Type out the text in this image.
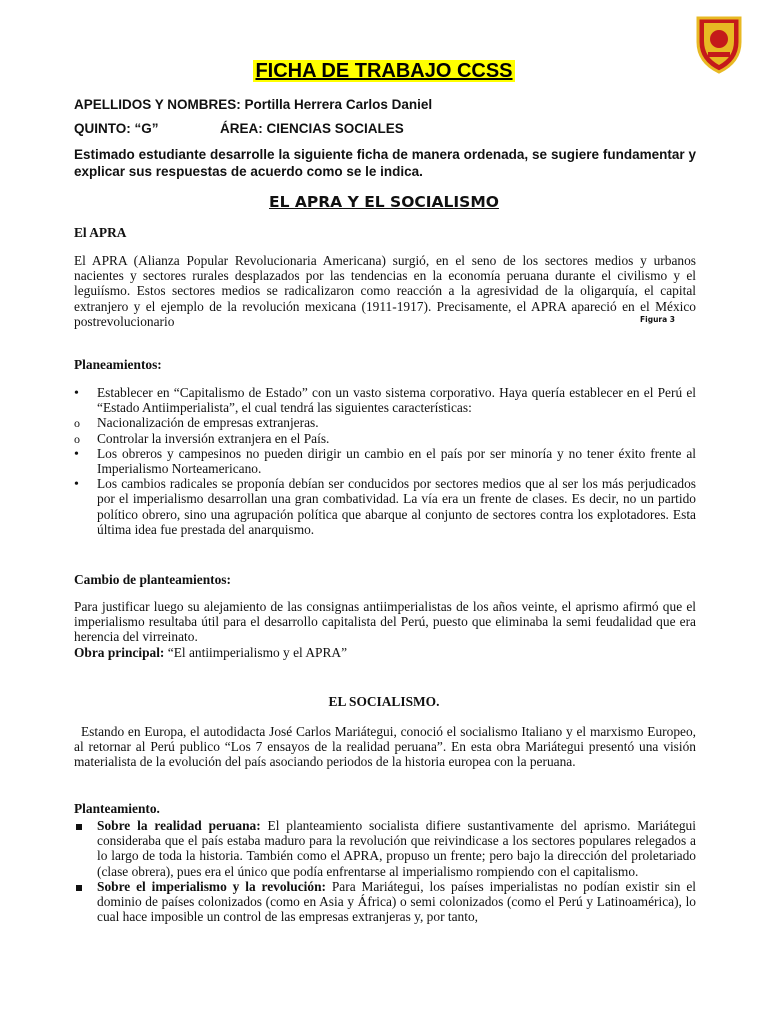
FICHA DE TRABAJO CCSS
APELLIDOS Y NOMBRES: Portilla Herrera Carlos Daniel
QUINTO: “G”	ÁREA: CIENCIAS SOCIALES
Estimado estudiante desarrolle la siguiente ficha de manera ordenada, se sugiere fundamentar y explicar sus respuestas de acuerdo como se le indica.
EL APRA Y EL SOCIALISMO
El APRA
El APRA (Alianza Popular Revolucionaria Americana) surgió, en el seno de los sectores medios y urbanos nacientes y sectores rurales desplazados por las tendencias en la economía peruana durante el civilismo y el leguiísmo. Estos sectores medios se radicalizaron como reacción a la agresividad de la oligarquía, el capital extranjero y el ejemplo de la revolución mexicana (1911-1917). Precisamente, el APRA apareció en el México postrevolucionario	Figura 3
Planeamientos:
•
Establecer en “Capitalismo de Estado” con un vasto sistema corporativo. Haya quería establecer en el Perú el “Estado Antiimperialista”, el cual tendrá las siguientes características:
o
Nacionalización de empresas extranjeras.
o
Controlar la inversión extranjera en el País.
•
Los obreros y campesinos no pueden dirigir un cambio en el país por ser minoría y no tener éxito frente al Imperialismo Norteamericano.
•
Los cambios radicales se proponía debían ser conducidos por sectores medios que al ser los más perjudicados por el imperialismo desarrollan una gran combatividad. La vía era un frente de clases. Es decir, no un partido político obrero, sino una agrupación política que abarque al conjunto de sectores contra los explotadores. Esta última idea fue prestada del anarquismo.
Cambio de planteamientos:
Para justificar luego su alejamiento de las consignas antiimperialistas de los años veinte, el aprismo afirmó que el imperialismo resultaba útil para el desarrollo capitalista del Perú, puesto que eliminaba la semi feudalidad que era herencia del virreinato.
Obra principal: “El antiimperialismo y el APRA”
EL SOCIALISMO.
Estando en Europa, el autodidacta José Carlos Mariátegui, conoció el socialismo Italiano y el marxismo Europeo, al retornar al Perú publico “Los 7 ensayos de la realidad peruana”. En esta obra Mariátegui presentó una visión materialista de la evolución del país asociando periodos de la historia europea con la peruana.
Planteamiento.
Sobre la realidad peruana: El planteamiento socialista difiere sustantivamente del aprismo. Mariátegui consideraba que el país estaba maduro para la revolución que reivindicase a los sectores populares relegados a lo largo de toda la historia. También como el APRA, propuso un frente; pero bajo la dirección del proletariado (clase obrera), pues era el único que podía enfrentarse al imperialismo rompiendo con el capitalismo.
Sobre el imperialismo y la revolución: Para Mariátegui, los países imperialistas no podían existir sin el dominio de países colonizados (como en Asia y África) o semi colonizados (como el Perú y Latinoamérica), lo cual hace imposible un control de las empresas extranjeras y, por tanto,
